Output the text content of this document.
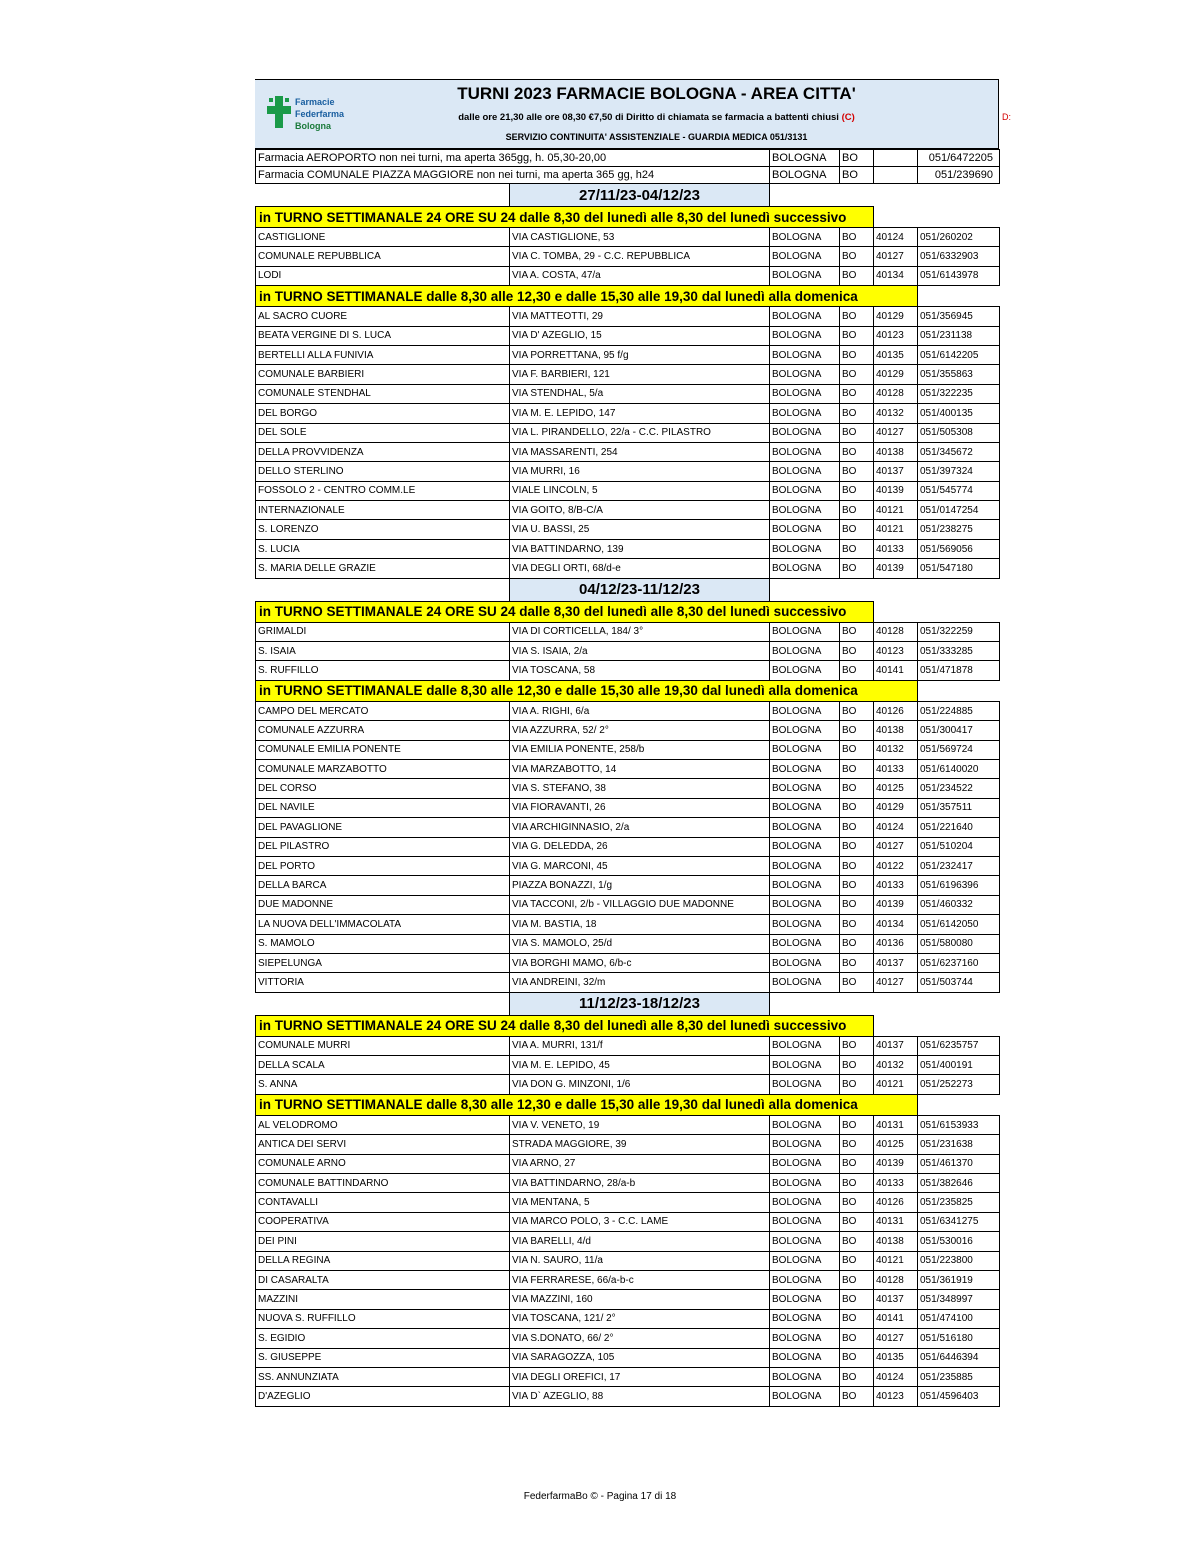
Farmacie
Federfarma
Bologna
TURNI 2023 FARMACIE BOLOGNA - AREA CITTA'
dalle ore 21,30 alle ore 08,30 €7,50 di Diritto di chiamata se farmacia a battenti chiusi (C)
SERVIZIO CONTINUITA' ASSISTENZIALE - GUARDIA MEDICA 051/3131
Farmacia AEROPORTO non nei turni, ma aperta 365gg, h. 05,30-20,00		BOLOGNA	BO		051/6472205
Farmacia COMUNALE PIAZZA MAGGIORE non nei turni, ma aperta 365 gg, h24		BOLOGNA	BO		051/239690
	27/11/23-04/12/23				
in TURNO SETTIMANALE 24 ORE SU 24 dalle 8,30 del lunedì alle 8,30 del lunedì successivo					
CASTIGLIONE	VIA CASTIGLIONE, 53	BOLOGNA	BO	40124	051/260202
COMUNALE REPUBBLICA	VIA C. TOMBA, 29 - C.C. REPUBBLICA	BOLOGNA	BO	40127	051/6332903
LODI	VIA A. COSTA, 47/a	BOLOGNA	BO	40134	051/6143978
in TURNO SETTIMANALE dalle 8,30 alle 12,30 e dalle 15,30 alle 19,30 dal lunedì alla domenica					
AL SACRO CUORE	VIA MATTEOTTI, 29	BOLOGNA	BO	40129	051/356945
BEATA VERGINE DI S. LUCA	VIA D' AZEGLIO, 15	BOLOGNA	BO	40123	051/231138
BERTELLI ALLA FUNIVIA	VIA PORRETTANA, 95 f/g	BOLOGNA	BO	40135	051/6142205
COMUNALE BARBIERI	VIA F. BARBIERI, 121	BOLOGNA	BO	40129	051/355863
COMUNALE STENDHAL	VIA STENDHAL, 5/a	BOLOGNA	BO	40128	051/322235
DEL BORGO	VIA M. E. LEPIDO, 147	BOLOGNA	BO	40132	051/400135
DEL SOLE	VIA L. PIRANDELLO, 22/a - C.C. PILASTRO	BOLOGNA	BO	40127	051/505308
DELLA PROVVIDENZA	VIA MASSARENTI, 254	BOLOGNA	BO	40138	051/345672
DELLO STERLINO	VIA MURRI, 16	BOLOGNA	BO	40137	051/397324
FOSSOLO 2 - CENTRO COMM.LE	VIALE LINCOLN, 5	BOLOGNA	BO	40139	051/545774
INTERNAZIONALE	VIA GOITO, 8/B-C/A	BOLOGNA	BO	40121	051/0147254
S. LORENZO	VIA U. BASSI, 25	BOLOGNA	BO	40121	051/238275
S. LUCIA	VIA BATTINDARNO, 139	BOLOGNA	BO	40133	051/569056
S. MARIA DELLE GRAZIE	VIA DEGLI ORTI, 68/d-e	BOLOGNA	BO	40139	051/547180
	04/12/23-11/12/23				
in TURNO SETTIMANALE 24 ORE SU 24 dalle 8,30 del lunedì alle 8,30 del lunedì successivo					
GRIMALDI	VIA DI CORTICELLA, 184/ 3°	BOLOGNA	BO	40128	051/322259
S. ISAIA	VIA S. ISAIA, 2/a	BOLOGNA	BO	40123	051/333285
S. RUFFILLO	VIA TOSCANA, 58	BOLOGNA	BO	40141	051/471878
in TURNO SETTIMANALE dalle 8,30 alle 12,30 e dalle 15,30 alle 19,30 dal lunedì alla domenica					
CAMPO DEL MERCATO	VIA A. RIGHI, 6/a	BOLOGNA	BO	40126	051/224885
COMUNALE AZZURRA	VIA AZZURRA, 52/ 2°	BOLOGNA	BO	40138	051/300417
COMUNALE EMILIA PONENTE	VIA EMILIA PONENTE, 258/b	BOLOGNA	BO	40132	051/569724
COMUNALE MARZABOTTO	VIA MARZABOTTO, 14	BOLOGNA	BO	40133	051/6140020
DEL CORSO	VIA S. STEFANO, 38	BOLOGNA	BO	40125	051/234522
DEL NAVILE	VIA FIORAVANTI, 26	BOLOGNA	BO	40129	051/357511
DEL PAVAGLIONE	VIA ARCHIGINNASIO, 2/a	BOLOGNA	BO	40124	051/221640
DEL PILASTRO	VIA G. DELEDDA, 26	BOLOGNA	BO	40127	051/510204
DEL PORTO	VIA G. MARCONI, 45	BOLOGNA	BO	40122	051/232417
DELLA BARCA	PIAZZA BONAZZI, 1/g	BOLOGNA	BO	40133	051/6196396
DUE MADONNE	VIA TACCONI, 2/b - VILLAGGIO DUE MADONNE	BOLOGNA	BO	40139	051/460332
LA NUOVA DELL'IMMACOLATA	VIA M. BASTIA, 18	BOLOGNA	BO	40134	051/6142050
S. MAMOLO	VIA S. MAMOLO, 25/d	BOLOGNA	BO	40136	051/580080
SIEPELUNGA	VIA BORGHI MAMO, 6/b-c	BOLOGNA	BO	40137	051/6237160
VITTORIA	VIA ANDREINI, 32/m	BOLOGNA	BO	40127	051/503744
	11/12/23-18/12/23				
in TURNO SETTIMANALE 24 ORE SU 24 dalle 8,30 del lunedì alle 8,30 del lunedì successivo					
COMUNALE MURRI	VIA A. MURRI, 131/f	BOLOGNA	BO	40137	051/6235757
DELLA SCALA	VIA M. E. LEPIDO, 45	BOLOGNA	BO	40132	051/400191
S. ANNA	VIA DON G. MINZONI, 1/6	BOLOGNA	BO	40121	051/252273
in TURNO SETTIMANALE dalle 8,30 alle 12,30 e dalle 15,30 alle 19,30 dal lunedì alla domenica					
AL VELODROMO	VIA V. VENETO, 19	BOLOGNA	BO	40131	051/6153933
ANTICA DEI SERVI	STRADA MAGGIORE, 39	BOLOGNA	BO	40125	051/231638
COMUNALE ARNO	VIA ARNO, 27	BOLOGNA	BO	40139	051/461370
COMUNALE BATTINDARNO	VIA BATTINDARNO, 28/a-b	BOLOGNA	BO	40133	051/382646
CONTAVALLI	VIA MENTANA, 5	BOLOGNA	BO	40126	051/235825
COOPERATIVA	VIA MARCO POLO, 3 - C.C. LAME	BOLOGNA	BO	40131	051/6341275
DEI PINI	VIA BARELLI, 4/d	BOLOGNA	BO	40138	051/530016
DELLA REGINA	VIA N. SAURO, 11/a	BOLOGNA	BO	40121	051/223800
DI CASARALTA	VIA FERRARESE, 66/a-b-c	BOLOGNA	BO	40128	051/361919
MAZZINI	VIA MAZZINI, 160	BOLOGNA	BO	40137	051/348997
NUOVA S. RUFFILLO	VIA TOSCANA, 121/ 2°	BOLOGNA	BO	40141	051/474100
S. EGIDIO	VIA S.DONATO, 66/ 2°	BOLOGNA	BO	40127	051/516180
S. GIUSEPPE	VIA SARAGOZZA, 105	BOLOGNA	BO	40135	051/6446394
SS. ANNUNZIATA	VIA DEGLI OREFICI, 17	BOLOGNA	BO	40124	051/235885
D'AZEGLIO	VIA D` AZEGLIO, 88	BOLOGNA	BO	40123	051/4596403
D:
FederfarmaBo © - Pagina 17 di 18
